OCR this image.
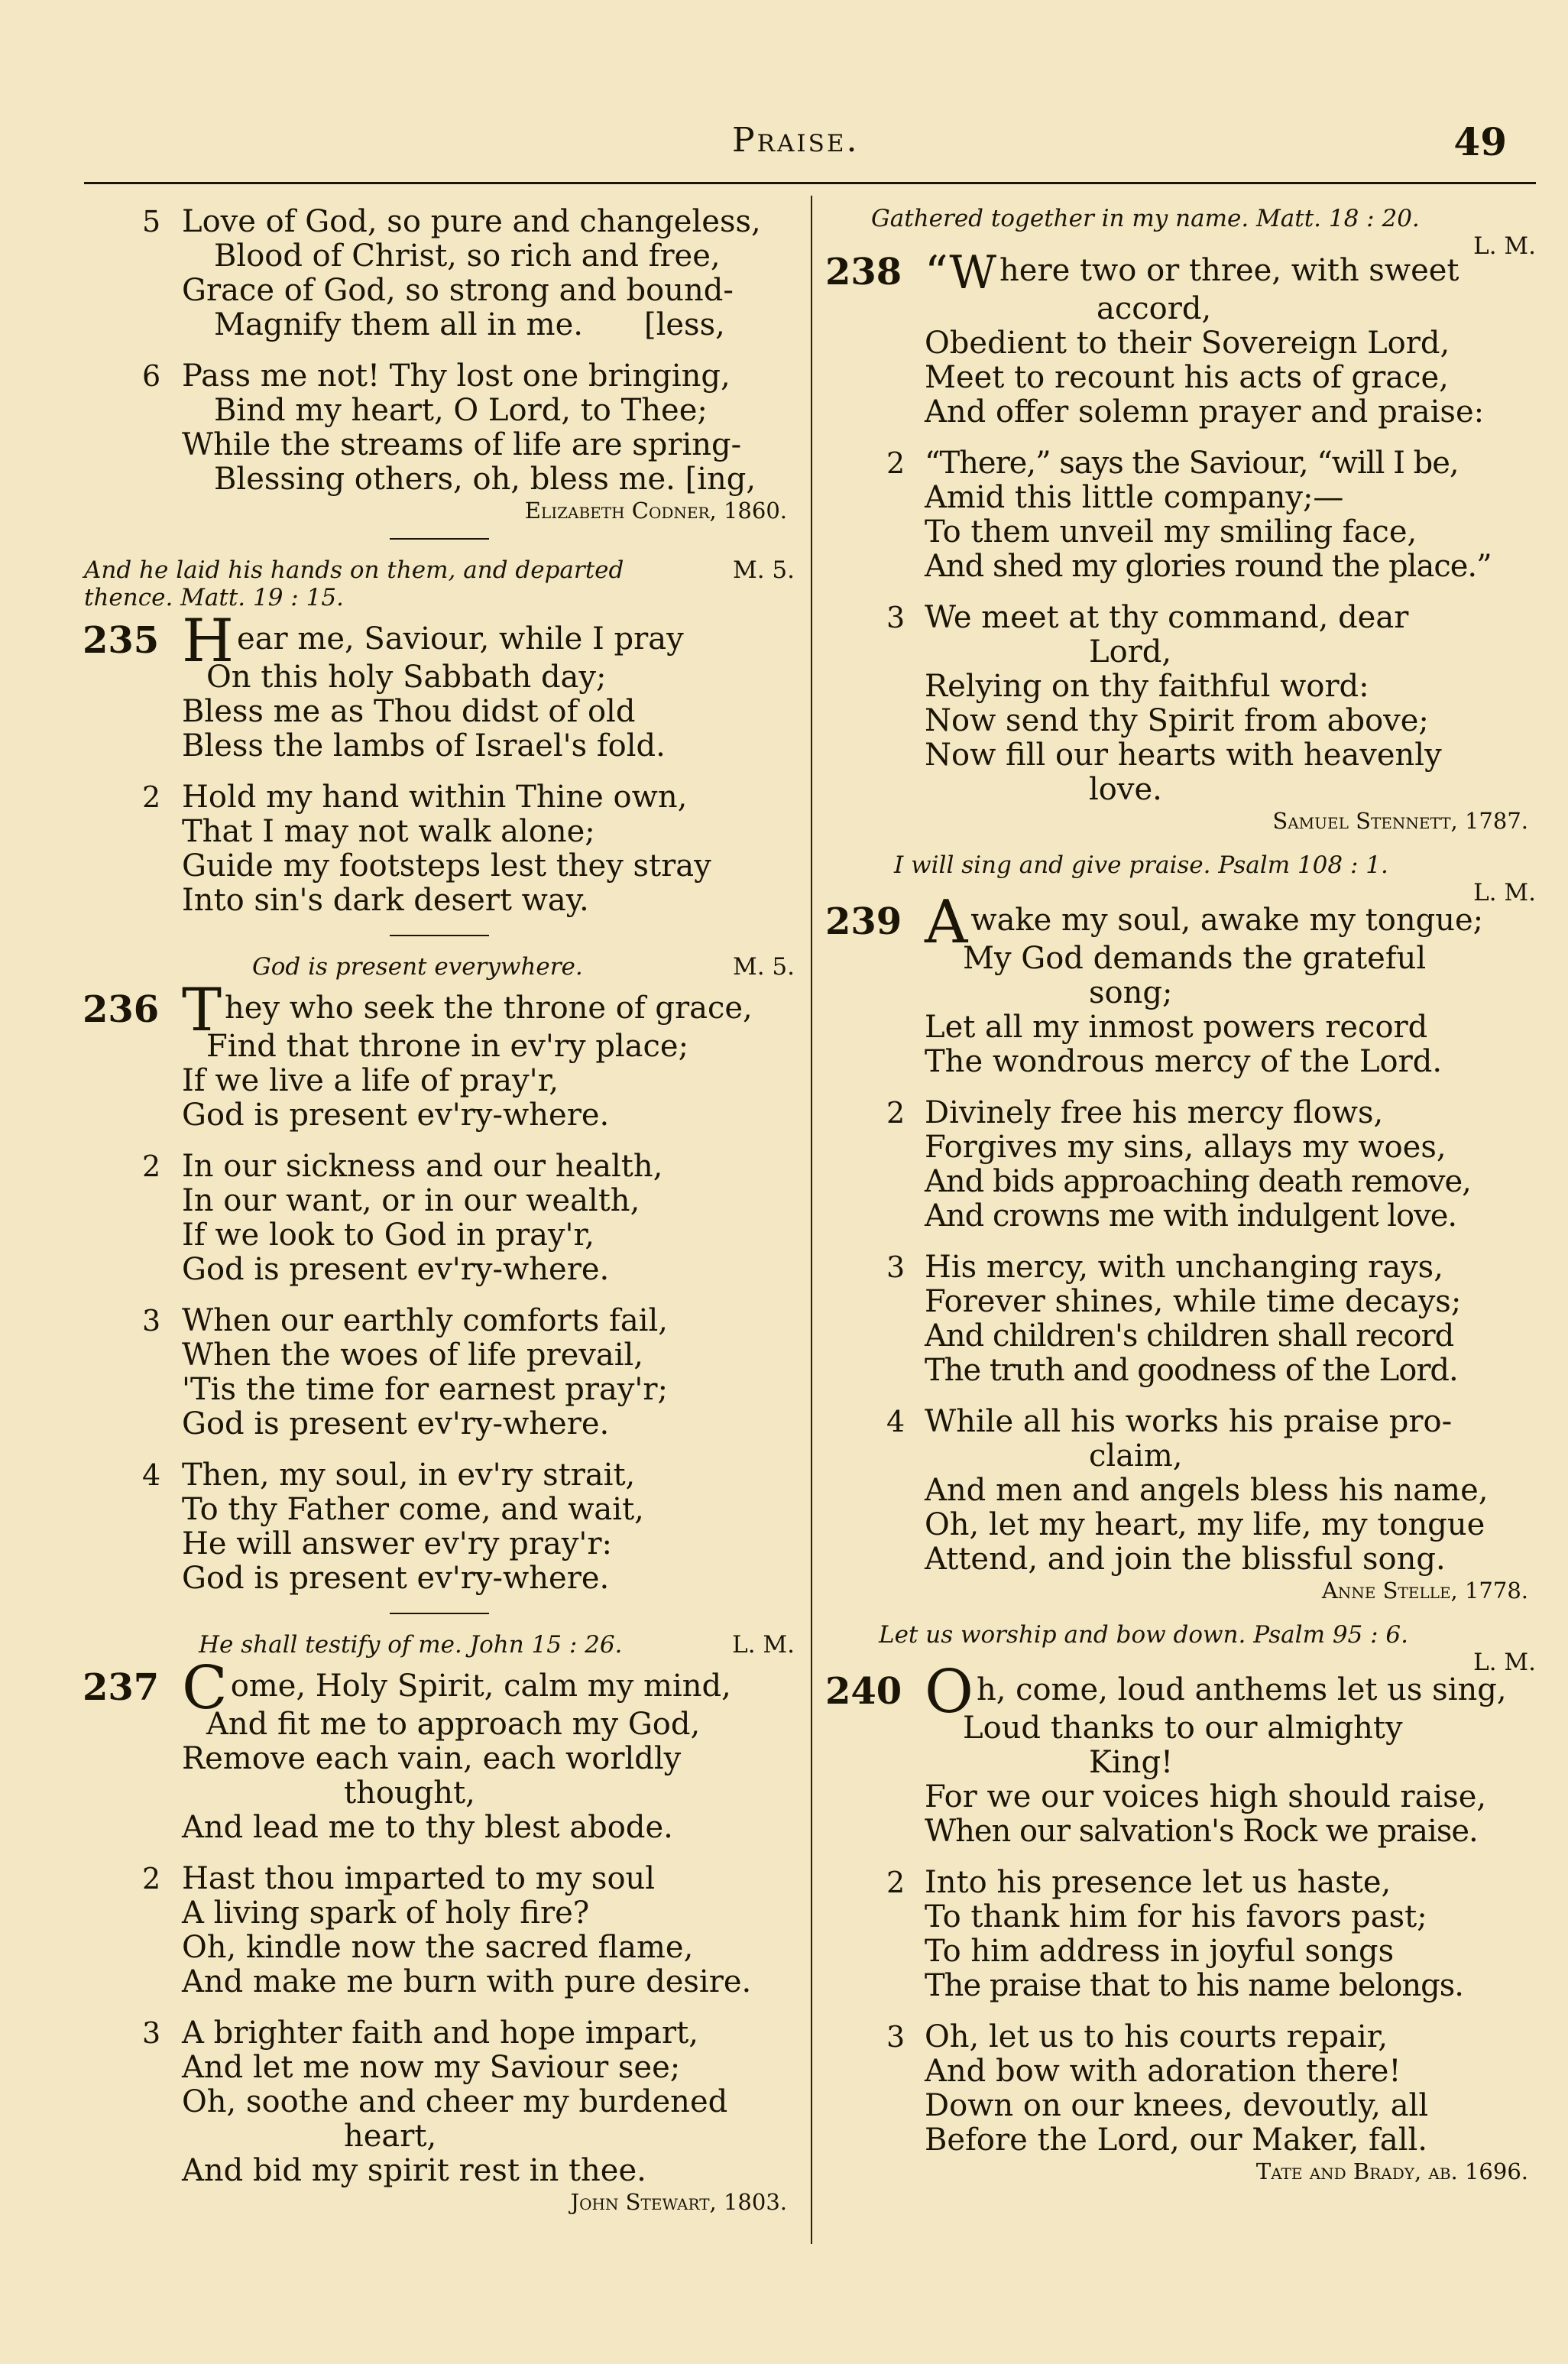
Praise.	49
5 Love of God, so pure and changeless,
Blood of Christ, so rich and free,
Grace of God, so strong and bound-
Magnify them all in me.  [less,
6 Pass me not! Thy lost one bringing,
Bind my heart, O Lord, to Thee;
While the streams of life are spring-
Blessing others, oh, bless me. [ing,
Elizabeth Codner, 1860.
And he laid his hands on them, and departed thence. Matt. 19 : 15.
M. 5.
235 Hear me, Saviour, while I pray
On this holy Sabbath day;
Bless me as Thou didst of old
Bless the lambs of Israel's fold.
2 Hold my hand within Thine own,
That I may not walk alone;
Guide my footsteps lest they stray
Into sin's dark desert way.
God is present everywhere.	M. 5.
236 They who seek the throne of grace,
Find that throne in ev'ry place;
If we live a life of pray'r,
God is present ev'ry-where.
2 In our sickness and our health,
In our want, or in our wealth,
If we look to God in pray'r,
God is present ev'ry-where.
3 When our earthly comforts fail,
When the woes of life prevail,
'Tis the time for earnest pray'r;
God is present ev'ry-where.
4 Then, my soul, in ev'ry strait,
To thy Father come, and wait,
He will answer ev'ry pray'r:
God is present ev'ry-where.
He shall testify of me. John 15 : 26.	L. M.
237 Come, Holy Spirit, calm my mind,
And fit me to approach my God,
Remove each vain, each worldly
thought,
And lead me to thy blest abode.
2 Hast thou imparted to my soul
A living spark of holy fire?
Oh, kindle now the sacred flame,
And make me burn with pure desire.
3 A brighter faith and hope impart,
And let me now my Saviour see;
Oh, soothe and cheer my burdened
heart,
And bid my spirit rest in thee.
John Stewart, 1803.
Gathered together in my name. Matt. 18 : 20.
L. M.
238 “Where two or three, with sweet
accord,
Obedient to their Sovereign Lord,
Meet to recount his acts of grace,
And offer solemn prayer and praise:
2 “There,” says the Saviour, “will I be,
Amid this little company;—
To them unveil my smiling face,
And shed my glories round the place.”
3 We meet at thy command, dear
Lord,
Relying on thy faithful word:
Now send thy Spirit from above;
Now fill our hearts with heavenly
love.
Samuel Stennett, 1787.
I will sing and give praise. Psalm 108 : 1.
L. M.
239 Awake my soul, awake my tongue;
My God demands the grateful
song;
Let all my inmost powers record
The wondrous mercy of the Lord.
2 Divinely free his mercy flows,
Forgives my sins, allays my woes,
And bids approaching death remove,
And crowns me with indulgent love.
3 His mercy, with unchanging rays,
Forever shines, while time decays;
And children's children shall record
The truth and goodness of the Lord.
4 While all his works his praise pro-
claim,
And men and angels bless his name,
Oh, let my heart, my life, my tongue
Attend, and join the blissful song.
Anne Stelle, 1778.
Let us worship and bow down. Psalm 95 : 6.
L. M.
240 Oh, come, loud anthems let us sing,
Loud thanks to our almighty
King!
For we our voices high should raise,
When our salvation's Rock we praise.
2 Into his presence let us haste,
To thank him for his favors past;
To him address in joyful songs
The praise that to his name belongs.
3 Oh, let us to his courts repair,
And bow with adoration there!
Down on our knees, devoutly, all
Before the Lord, our Maker, fall.
Tate and Brady, ab. 1696.
